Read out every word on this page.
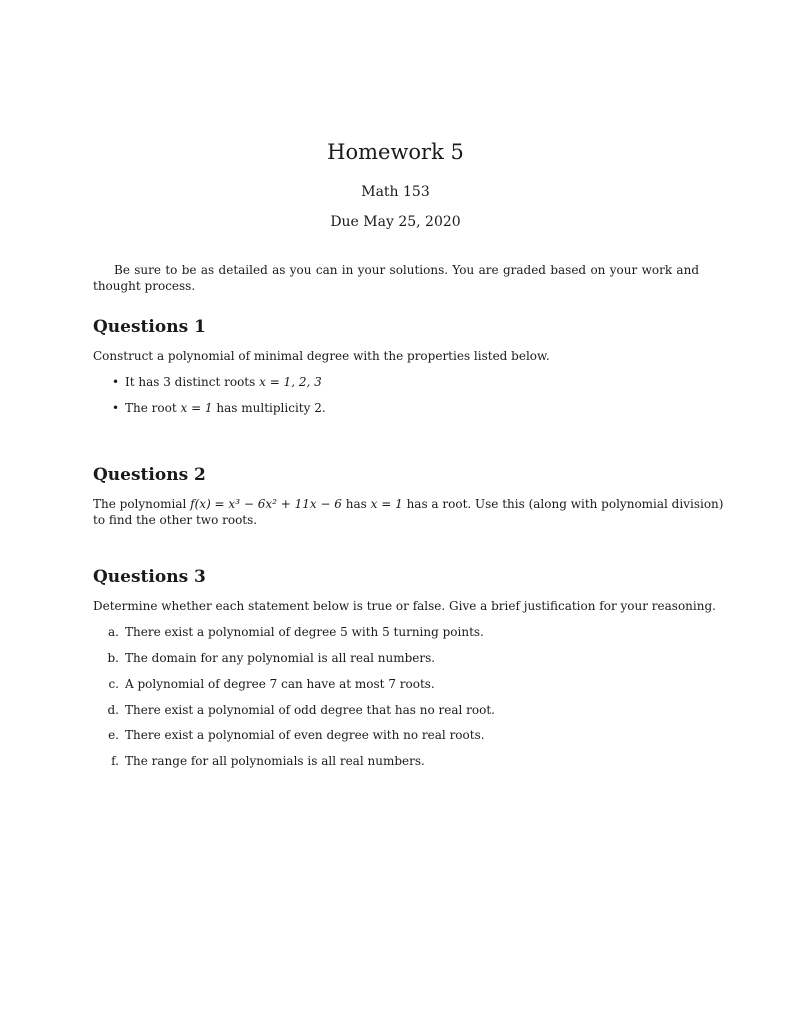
Homework 5
Math 153
Due May 25, 2020
Be sure to be as detailed as you can in your solutions. You are graded based on your work and thought process.
Questions 1
Construct a polynomial of minimal degree with the properties listed below.
• It has 3 distinct roots x = 1, 2, 3
• The root x = 1 has multiplicity 2.
Questions 2
The polynomial f(x) = x³ − 6x² + 11x − 6 has x = 1 has a root. Use this (along with polynomial division)
to find the other two roots.
Questions 3
Determine whether each statement below is true or false. Give a brief justification for your reasoning.
a. There exist a polynomial of degree 5 with 5 turning points.
b. The domain for any polynomial is all real numbers.
c. A polynomial of degree 7 can have at most 7 roots.
d. There exist a polynomial of odd degree that has no real root.
e. There exist a polynomial of even degree with no real roots.
f. The range for all polynomials is all real numbers.
